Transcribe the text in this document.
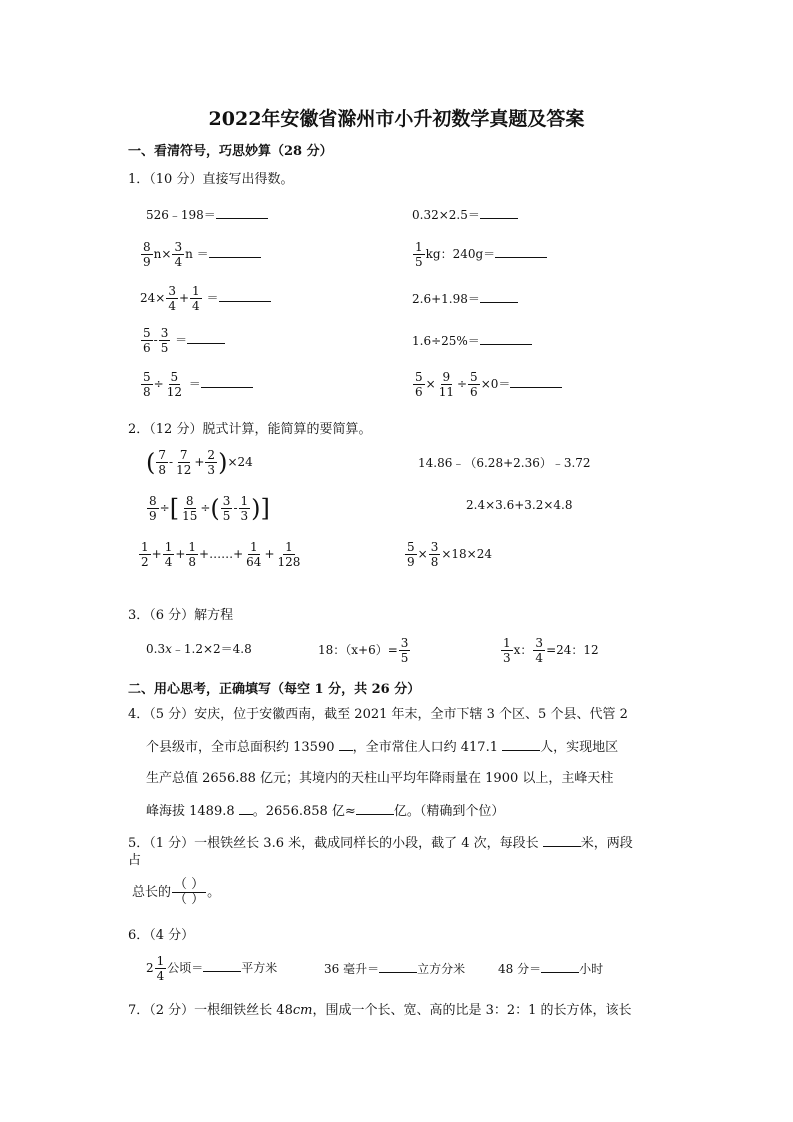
2022年安徽省滁州市小升初数学真题及答案
一、看清符号，巧思妙算（28 分）
1．（10 分）直接写出得数。
526﹣198＝	0.32×2.5＝
$\frac{8}{9} n\times \frac{3}{4}$ n ＝	$\frac{1}{5}$ kg：240g＝
$24\times \frac{3}{4} + \frac{1}{4}$ ＝	2.6+1.98＝
$\frac{5}{6} - \frac{3}{5}$ ＝	1.6÷25%＝
$\frac{5}{8} \div \frac{5}{12}$ ＝	$\frac{5}{6} \times \frac{9}{11} \div \frac{5}{6} \times 0=$
2．（12 分）脱式计算，能简算的要简算。
( $\frac{7}{8} - \frac{7}{12} + \frac{2}{3} )\times 24$	14.86﹣（6.28+2.36）﹣3.72
$\frac{8}{9}$ ÷[ $\frac{8}{15}$ ÷( $\frac{3}{5} - \frac{1}{3}$ )]	2.4×3.6+3.2×4.8
$\frac{1}{2} + \frac{1}{4} + \frac{1}{8}$ +……+ $\frac{1}{64} + \frac{1}{128}$	$\frac{5}{9} \times \frac{3}{8} \times 18\times 24$
3．（6 分）解方程
0.3x﹣1.2×2＝4.8	18：$(x+6)= \frac{3}{5}$	$\frac{1}{3}$ x： $\frac{3}{4} =24$：12
二、用心思考，正确填写（每空 1 分，共 26 分）
4．（5 分）安庆，位于安徽西南，截至 2021 年末，全市下辖 3 个区、5 个县、代管 2
个县级市，全市总面积约 13590 ，全市常住人口约 417.1	人，实现地区
生产总值 2656.88 亿元；其境内的天柱山平均年降雨量在 1900 以上，主峰天柱
峰海拔 1489.8 。2656.858 亿≈	亿。（精确到个位）
5．（1 分）一根铁丝长 3.6 米，截成同样长的小段，截了 4 次，每段长	米，两段
占
总长的 $\frac{( )}{( )}$ 。
6．（4 分）
$2 \frac{1}{4}$ 公顷＝	平方米	36 毫升＝	立方分米	48 分＝	小时
7．（2 分）一根细铁丝长 48cm，围成一个长、宽、高的比是 3：2：1 的长方体，该长
